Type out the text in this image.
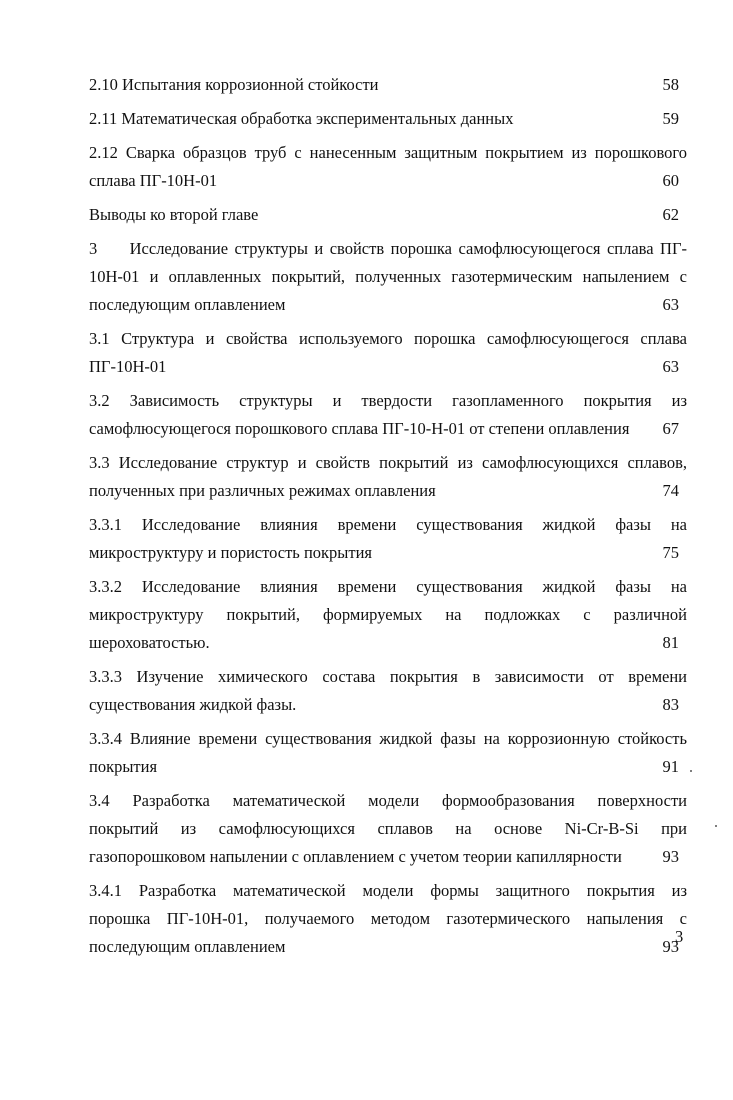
2.10 Испытания коррозионной стойкости	58
2.11 Математическая обработка экспериментальных данных	59
2.12 Сварка образцов труб с нанесенным защитным покрытием из порошкового
сплава ПГ-10Н-01	60
Выводы ко второй главе	62
3     Исследование структуры и свойств порошка самофлюсующегося сплава ПГ-
10Н-01 и оплавленных покрытий, полученных газотермическим напылением с
последующим оплавлением	63
3.1 Структура и свойства используемого порошка самофлюсующегося сплава
ПГ-10Н-01	63
3.2 Зависимость структуры и твердости газопламенного покрытия из
самофлюсующегося порошкового сплава ПГ-10-Н-01 от степени оплавления	67
3.3 Исследование структур и свойств покрытий из самофлюсующихся сплавов,
полученных при различных режимах оплавления	74
3.3.1 Исследование влияния времени существования жидкой фазы на
микроструктуру и пористость покрытия	75
3.3.2 Исследование влияния времени существования жидкой фазы на
микроструктуру покрытий, формируемых на подложках с различной
шероховатостью.	81
3.3.3 Изучение химического состава покрытия в зависимости от времени
существования жидкой фазы.	83
3.3.4 Влияние времени существования жидкой фазы на коррозионную стойкость
покрытия	91
3.4 Разработка математической модели формообразования поверхности
покрытий из самофлюсующихся сплавов на основе Ni-Cr-B-Si при
газопорошковом напылении с оплавлением с учетом теории капиллярности	93
3.4.1 Разработка математической модели формы защитного покрытия из
порошка ПГ-10Н-01, получаемого методом газотермического напыления с
последующим оплавлением	93
3
